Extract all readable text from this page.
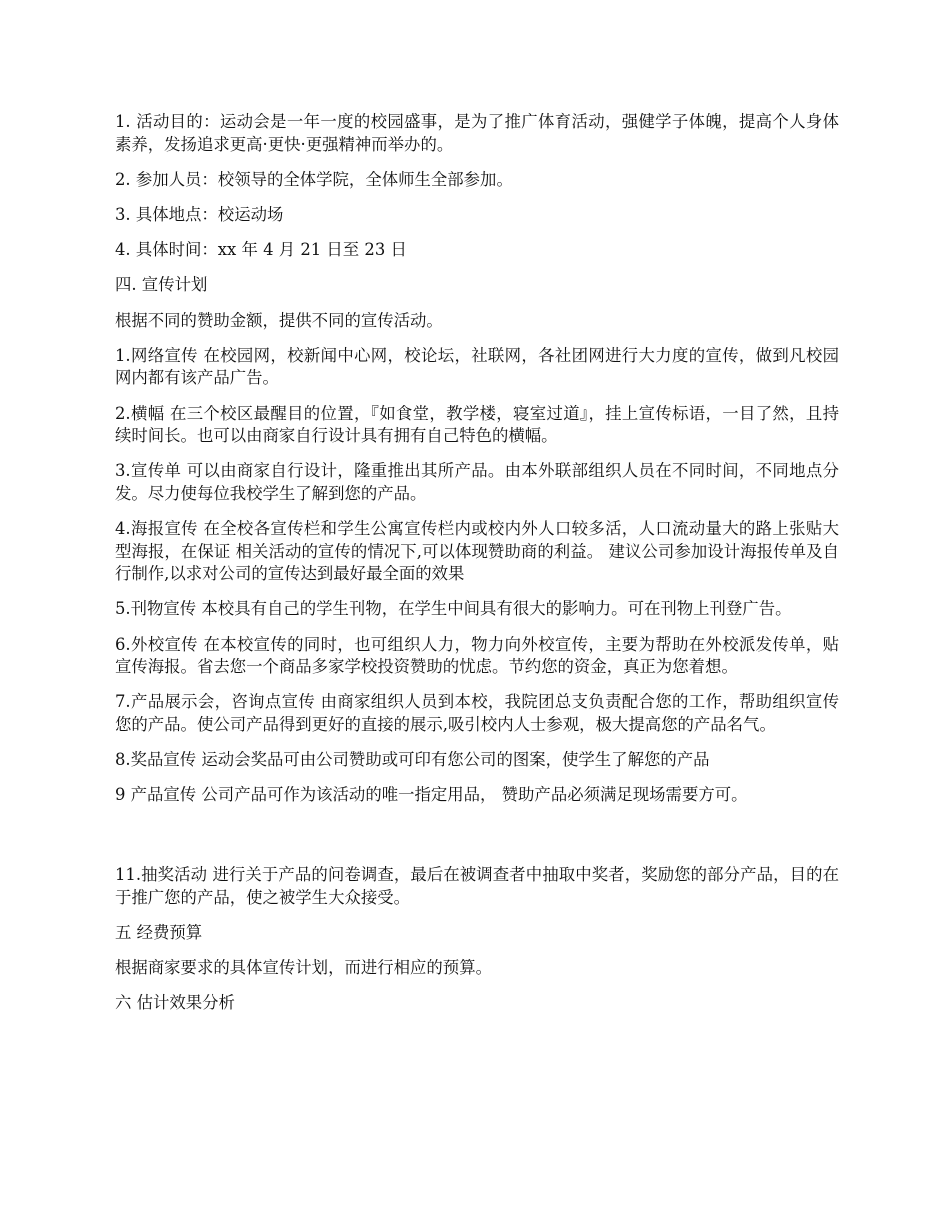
1. 活动目的：运动会是一年一度的校园盛事，是为了推广体育活动，强健学子体魄，提高个人身体素养，发扬追求更高·更快·更强精神而举办的。

2. 参加人员：校领导的全体学院，全体师生全部参加。

3. 具体地点：校运动场

4. 具体时间：xx 年 4 月 21 日至 23 日

四. 宣传计划

根据不同的赞助金额，提供不同的宣传活动。

1.网络宣传 在校园网，校新闻中心网，校论坛，社联网，各社团网进行大力度的宣传，做到凡校园网内都有该产品广告。

2.横幅 在三个校区最醒目的位置，『如食堂，教学楼，寝室过道』，挂上宣传标语，一目了然，且持续时间长。也可以由商家自行设计具有拥有自己特色的横幅。

3.宣传单 可以由商家自行设计，隆重推出其所产品。由本外联部组织人员在不同时间，不同地点分发。尽力使每位我校学生了解到您的产品。

4.海报宣传 在全校各宣传栏和学生公寓宣传栏内或校内外人口较多活，人口流动量大的路上张贴大型海报，在保证 相关活动的宣传的情况下,可以体现赞助商的利益。 建议公司参加设计海报传单及自行制作,以求对公司的宣传达到最好最全面的效果

5.刊物宣传 本校具有自己的学生刊物，在学生中间具有很大的影响力。可在刊物上刊登广告。

6.外校宣传 在本校宣传的同时，也可组织人力，物力向外校宣传，主要为帮助在外校派发传单，贴宣传海报。省去您一个商品多家学校投资赞助的忧虑。节约您的资金，真正为您着想。

7.产品展示会，咨询点宣传 由商家组织人员到本校，我院团总支负责配合您的工作，帮助组织宣传您的产品。使公司产品得到更好的直接的展示,吸引校内人士参观，极大提高您的产品名气。

8.奖品宣传 运动会奖品可由公司赞助或可印有您公司的图案，使学生了解您的产品

9 产品宣传 公司产品可作为该活动的唯一指定用品， 赞助产品必须满足现场需要方可。

11.抽奖活动 进行关于产品的问卷调查，最后在被调查者中抽取中奖者，奖励您的部分产品，目的在于推广您的产品，使之被学生大众接受。

五 经费预算

根据商家要求的具体宣传计划，而进行相应的预算。

六 估计效果分析
